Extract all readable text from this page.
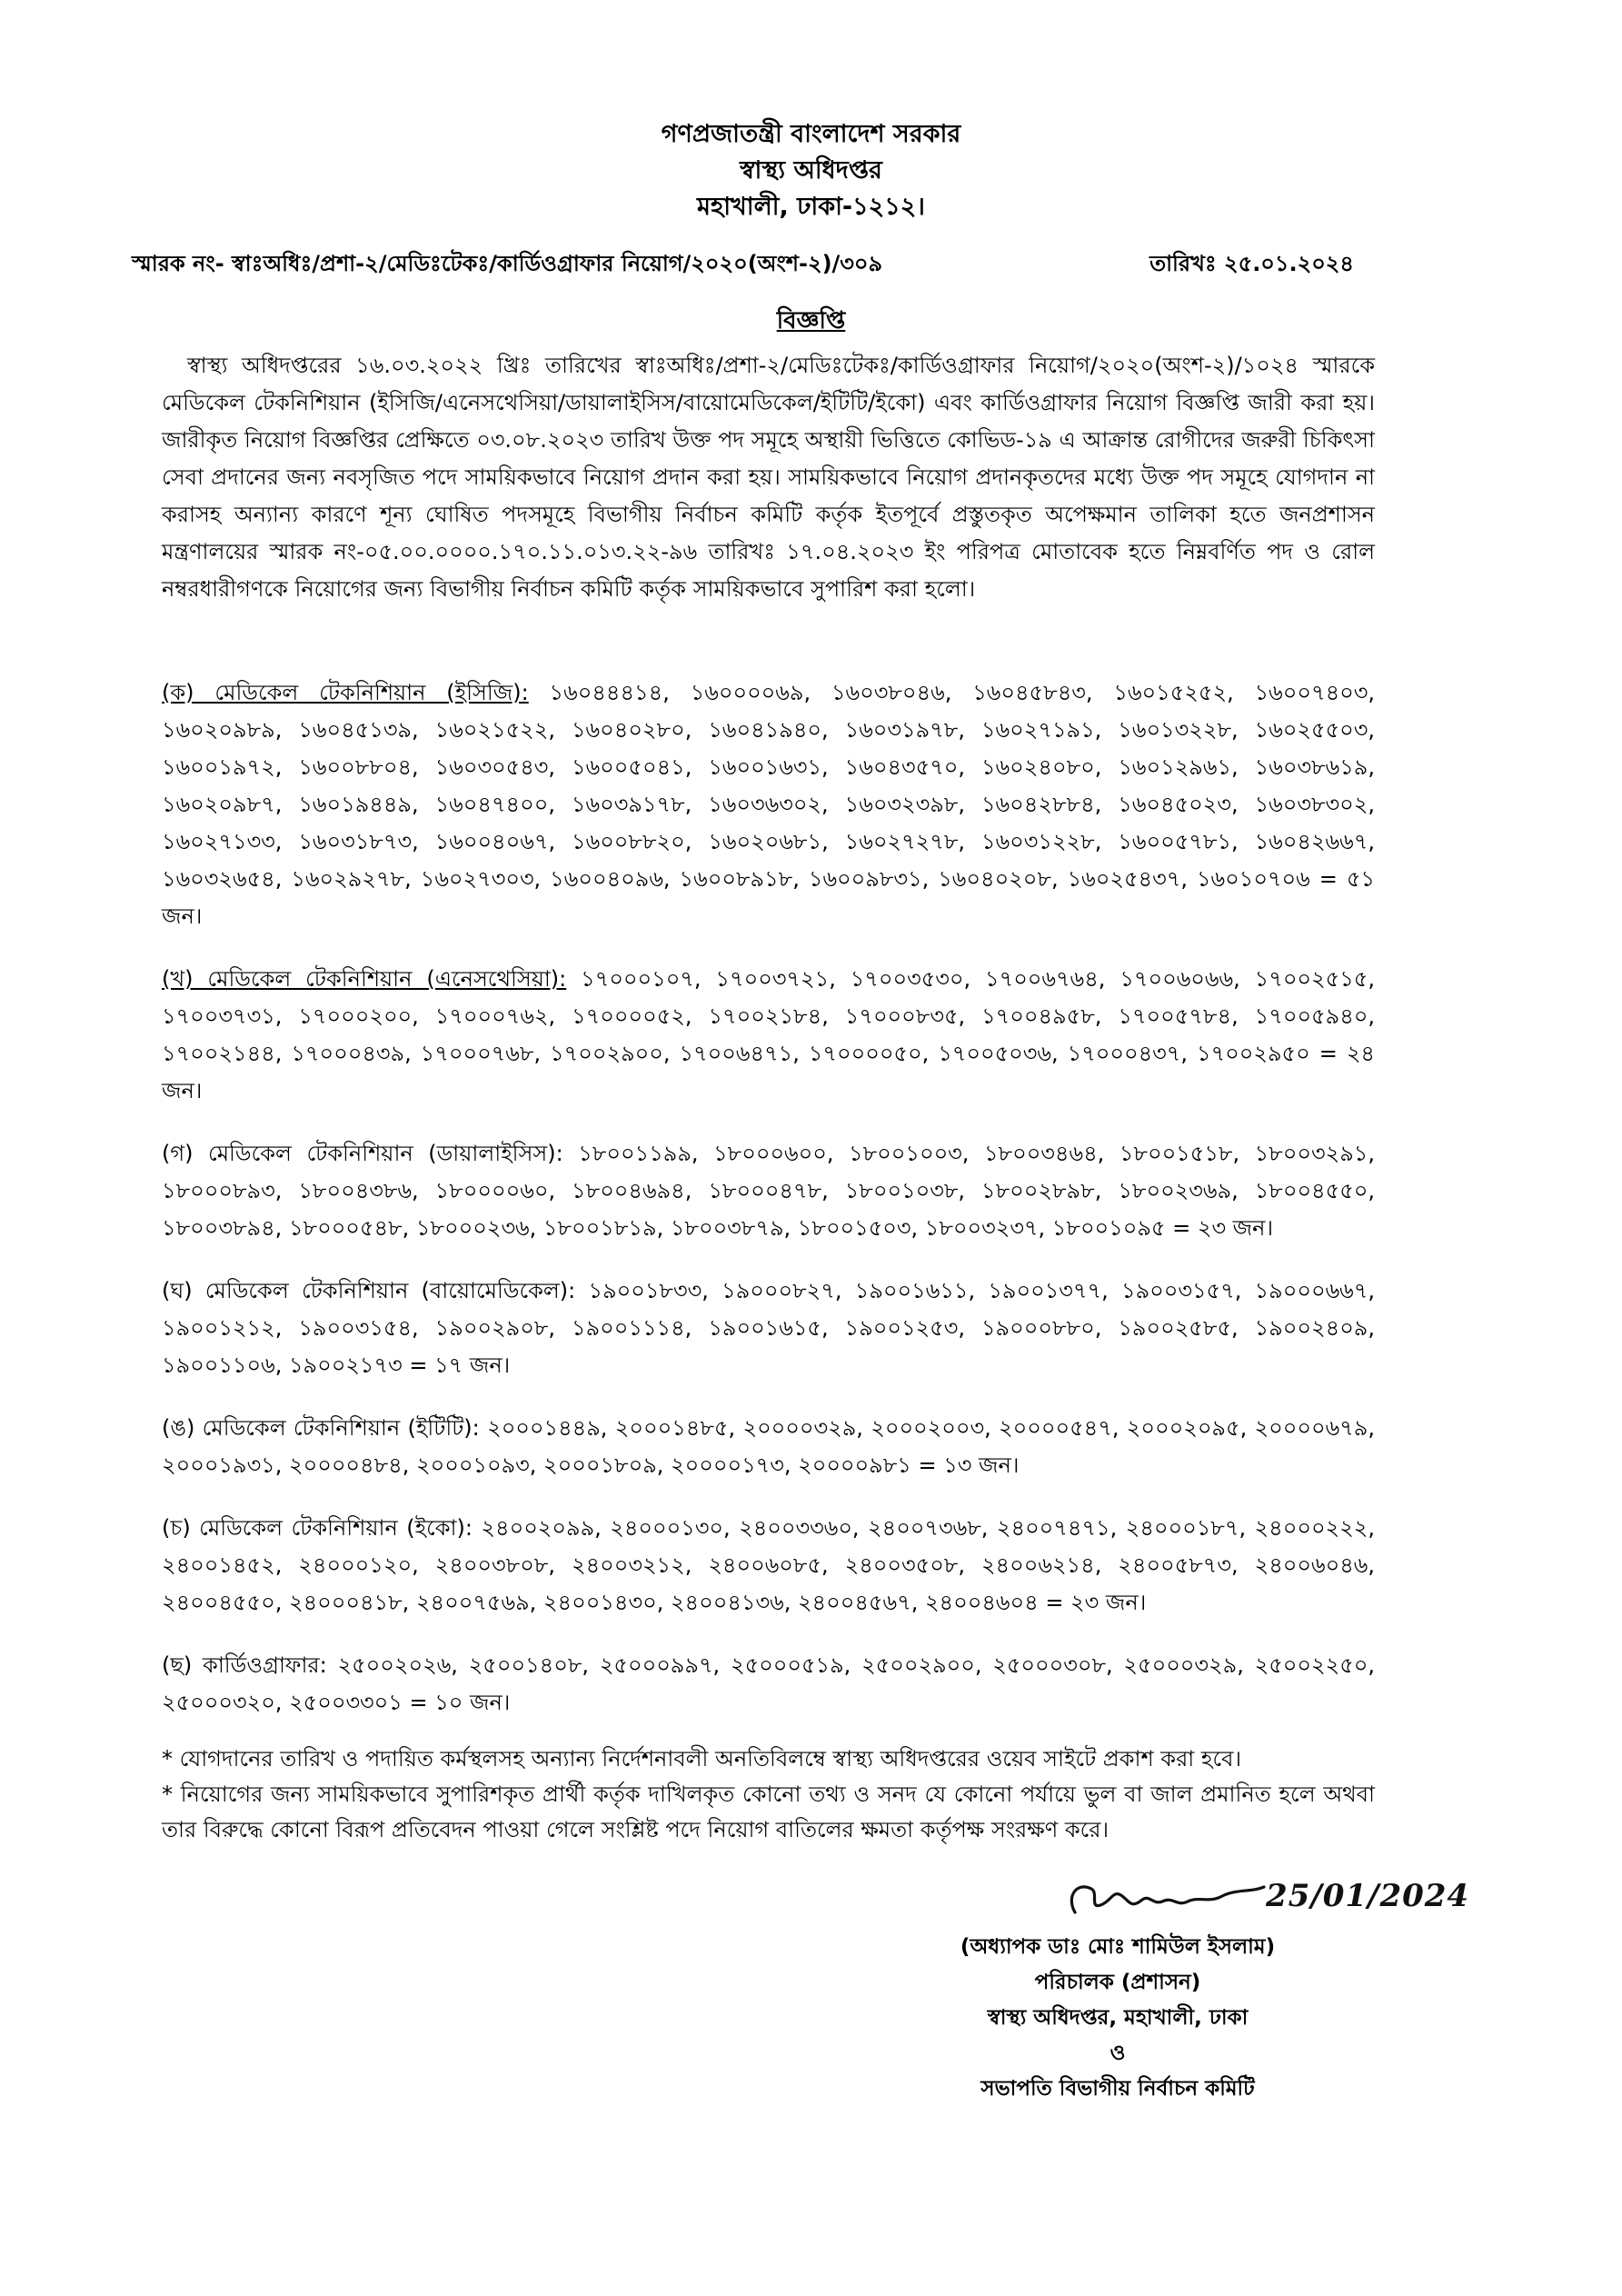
গণপ্রজাতন্ত্রী বাংলাদেশ সরকার
স্বাস্থ্য অধিদপ্তর
মহাখালী, ঢাকা-১২১২।
স্মারক নং- স্বাঃঅধিঃ/প্রশা-২/মেডিঃটেকঃ/কার্ডিওগ্রাফার নিয়োগ/২০২০(অংশ-২)/৩০৯	তারিখঃ ২৫.০১.২০২৪
বিজ্ঞপ্তি
স্বাস্থ্য অধিদপ্তরের ১৬.০৩.২০২২ খ্রিঃ তারিখের স্বাঃঅধিঃ/প্রশা-২/মেডিঃটেকঃ/কার্ডিওগ্রাফার নিয়োগ/২০২০(অংশ-২)/১০২৪ স্মারকে মেডিকেল টেকনিশিয়ান (ইসিজি/এনেসথেসিয়া/ডায়ালাইসিস/বায়োমেডিকেল/ইটিটি/ইকো) এবং কার্ডিওগ্রাফার নিয়োগ বিজ্ঞপ্তি জারী করা হয়। জারীকৃত নিয়োগ বিজ্ঞপ্তির প্রেক্ষিতে ০৩.০৮.২০২৩ তারিখ উক্ত পদ সমূহে অস্থায়ী ভিত্তিতে কোভিড-১৯ এ আক্রান্ত রোগীদের জরুরী চিকিৎসা সেবা প্রদানের জন্য নবসৃজিত পদে সাময়িকভাবে নিয়োগ প্রদান করা হয়। সাময়িকভাবে নিয়োগ প্রদানকৃতদের মধ্যে উক্ত পদ সমূহে যোগদান না করাসহ অন্যান্য কারণে শূন্য ঘোষিত পদসমূহে বিভাগীয় নির্বাচন কমিটি কর্তৃক ইতপূর্বে প্রস্তুতকৃত অপেক্ষমান তালিকা হতে জনপ্রশাসন মন্ত্রণালয়ের স্মারক নং-০৫.০০.০০০০.১৭০.১১.০১৩.২২-৯৬ তারিখঃ ১৭.০৪.২০২৩ ইং পরিপত্র মোতাবেক হতে নিম্নবর্ণিত পদ ও রোল নম্বরধারীগণকে নিয়োগের জন্য বিভাগীয় নির্বাচন কমিটি কর্তৃক সাময়িকভাবে সুপারিশ করা হলো।
(ক) মেডিকেল টেকনিশিয়ান (ইসিজি): ১৬০৪৪৪১৪, ১৬০০০০৬৯, ১৬০৩৮০৪৬, ১৬০৪৫৮৪৩, ১৬০১৫২৫২, ১৬০০৭৪০৩, ১৬০২০৯৮৯, ১৬০৪৫১৩৯, ১৬০২১৫২২, ১৬০৪০২৮০, ১৬০৪১৯৪০, ১৬০৩১৯৭৮, ১৬০২৭১৯১, ১৬০১৩২২৮, ১৬০২৫৫০৩, ১৬০০১৯৭২, ১৬০০৮৮০৪, ১৬০৩০৫৪৩, ১৬০০৫০৪১, ১৬০০১৬৩১, ১৬০৪৩৫৭০, ১৬০২৪০৮০, ১৬০১২৯৬১, ১৬০৩৮৬১৯, ১৬০২০৯৮৭, ১৬০১৯৪৪৯, ১৬০৪৭৪০০, ১৬০৩৯১৭৮, ১৬০৩৬৩০২, ১৬০৩২৩৯৮, ১৬০৪২৮৮৪, ১৬০৪৫০২৩, ১৬০৩৮৩০২, ১৬০২৭১৩৩, ১৬০৩১৮৭৩, ১৬০০৪০৬৭, ১৬০০৮৮২০, ১৬০২০৬৮১, ১৬০২৭২৭৮, ১৬০৩১২২৮, ১৬০০৫৭৮১, ১৬০৪২৬৬৭, ১৬০৩২৬৫৪, ১৬০২৯২৭৮, ১৬০২৭৩০৩, ১৬০০৪০৯৬, ১৬০০৮৯১৮, ১৬০০৯৮৩১, ১৬০৪০২০৮, ১৬০২৫৪৩৭, ১৬০১০৭০৬ = ৫১ জন।
(খ) মেডিকেল টেকনিশিয়ান (এনেসথেসিয়া): ১৭০০০১০৭, ১৭০০৩৭২১, ১৭০০৩৫৩০, ১৭০০৬৭৬৪, ১৭০০৬০৬৬, ১৭০০২৫১৫, ১৭০০৩৭৩১, ১৭০০০২০০, ১৭০০০৭৬২, ১৭০০০০৫২, ১৭০০২১৮৪, ১৭০০০৮৩৫, ১৭০০৪৯৫৮, ১৭০০৫৭৮৪, ১৭০০৫৯৪০, ১৭০০২১৪৪, ১৭০০০৪৩৯, ১৭০০০৭৬৮, ১৭০০২৯০০, ১৭০০৬৪৭১, ১৭০০০০৫০, ১৭০০৫০৩৬, ১৭০০০৪৩৭, ১৭০০২৯৫০ = ২৪ জন।
(গ) মেডিকেল টেকনিশিয়ান (ডায়ালাইসিস): ১৮০০১১৯৯, ১৮০০০৬০০, ১৮০০১০০৩, ১৮০০৩৪৬৪, ১৮০০১৫১৮, ১৮০০৩২৯১, ১৮০০০৮৯৩, ১৮০০৪৩৮৬, ১৮০০০০৬০, ১৮০০৪৬৯৪, ১৮০০০৪৭৮, ১৮০০১০৩৮, ১৮০০২৮৯৮, ১৮০০২৩৬৯, ১৮০০৪৫৫০, ১৮০০৩৮৯৪, ১৮০০০৫৪৮, ১৮০০০২৩৬, ১৮০০১৮১৯, ১৮০০৩৮৭৯, ১৮০০১৫০৩, ১৮০০৩২৩৭, ১৮০০১০৯৫ = ২৩ জন।
(ঘ) মেডিকেল টেকনিশিয়ান (বায়োমেডিকেল): ১৯০০১৮৩৩, ১৯০০০৮২৭, ১৯০০১৬১১, ১৯০০১৩৭৭, ১৯০০৩১৫৭, ১৯০০০৬৬৭, ১৯০০১২১২, ১৯০০৩১৫৪, ১৯০০২৯০৮, ১৯০০১১১৪, ১৯০০১৬১৫, ১৯০০১২৫৩, ১৯০০০৮৮০, ১৯০০২৫৮৫, ১৯০০২৪০৯, ১৯০০১১০৬, ১৯০০২১৭৩ = ১৭ জন।
(ঙ) মেডিকেল টেকনিশিয়ান (ইটিটি): ২০০০১৪৪৯, ২০০০১৪৮৫, ২০০০০৩২৯, ২০০০২০০৩, ২০০০০৫৪৭, ২০০০২০৯৫, ২০০০০৬৭৯, ২০০০১৯৩১, ২০০০০৪৮৪, ২০০০১০৯৩, ২০০০১৮০৯, ২০০০০১৭৩, ২০০০০৯৮১ = ১৩ জন।
(চ) মেডিকেল টেকনিশিয়ান (ইকো): ২৪০০২০৯৯, ২৪০০০১৩০, ২৪০০৩৩৬০, ২৪০০৭৩৬৮, ২৪০০৭৪৭১, ২৪০০০১৮৭, ২৪০০০২২২, ২৪০০১৪৫২, ২৪০০০১২০, ২৪০০৩৮০৮, ২৪০০৩২১২, ২৪০০৬০৮৫, ২৪০০৩৫০৮, ২৪০০৬২১৪, ২৪০০৫৮৭৩, ২৪০০৬০৪৬, ২৪০০৪৫৫০, ২৪০০০৪১৮, ২৪০০৭৫৬৯, ২৪০০১৪৩০, ২৪০০৪১৩৬, ২৪০০৪৫৬৭, ২৪০০৪৬০৪ = ২৩ জন।
(ছ) কার্ডিওগ্রাফার: ২৫০০২০২৬, ২৫০০১৪০৮, ২৫০০০৯৯৭, ২৫০০০৫১৯, ২৫০০২৯০০, ২৫০০০৩০৮, ২৫০০০৩২৯, ২৫০০২২৫০, ২৫০০০৩২০, ২৫০০৩৩০১ = ১০ জন।
* যোগদানের তারিখ ও পদায়িত কর্মস্থলসহ অন্যান্য নির্দেশনাবলী অনতিবিলম্বে স্বাস্থ্য অধিদপ্তরের ওয়েব সাইটে প্রকাশ করা হবে।
* নিয়োগের জন্য সাময়িকভাবে সুপারিশকৃত প্রার্থী কর্তৃক দাখিলকৃত কোনো তথ্য ও সনদ যে কোনো পর্যায়ে ভুল বা জাল প্রমানিত হলে অথবা তার বিরুদ্ধে কোনো বিরূপ প্রতিবেদন পাওয়া গেলে সংশ্লিষ্ট পদে নিয়োগ বাতিলের ক্ষমতা কর্তৃপক্ষ সংরক্ষণ করে।
25/01/2024
(অধ্যাপক ডাঃ মোঃ শামিউল ইসলাম)
পরিচালক (প্রশাসন)
স্বাস্থ্য অধিদপ্তর, মহাখালী, ঢাকা
ও
সভাপতি বিভাগীয় নির্বাচন কমিটি
